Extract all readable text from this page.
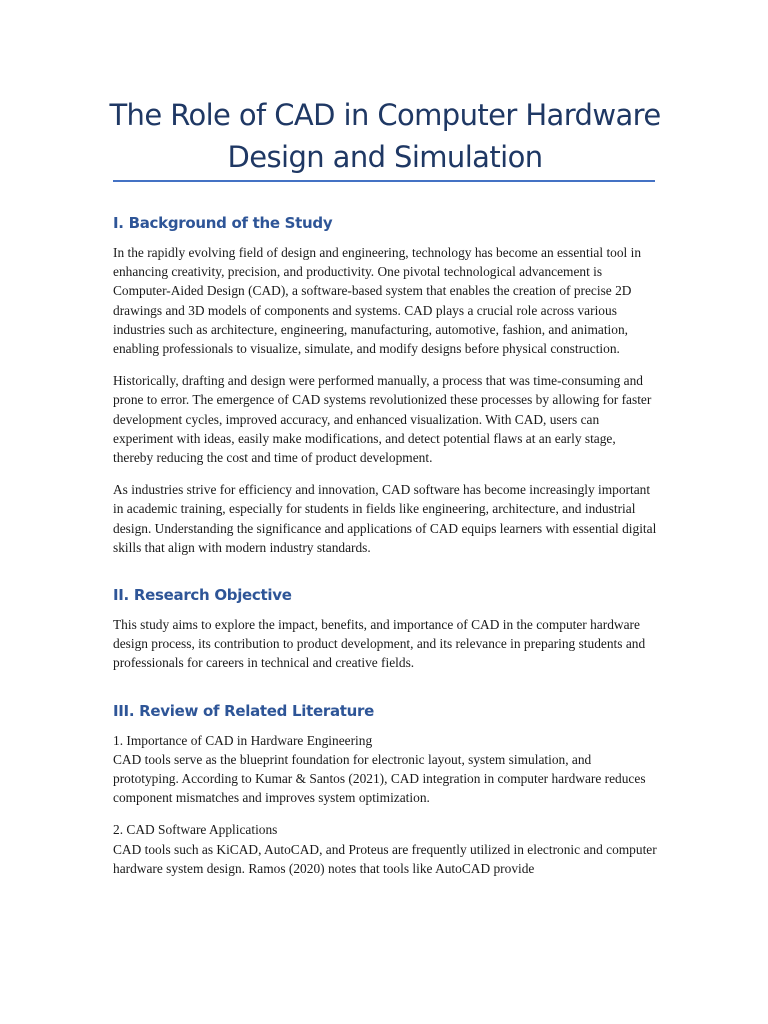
The Role of CAD in Computer Hardware Design and Simulation
I. Background of the Study

In the rapidly evolving field of design and engineering, technology has become an essential tool in enhancing creativity, precision, and productivity. One pivotal technological advancement is Computer-Aided Design (CAD), a software-based system that enables the creation of precise 2D drawings and 3D models of components and systems. CAD plays a crucial role across various industries such as architecture, engineering, manufacturing, automotive, fashion, and animation, enabling professionals to visualize, simulate, and modify designs before physical construction.

Historically, drafting and design were performed manually, a process that was time-consuming and prone to error. The emergence of CAD systems revolutionized these processes by allowing for faster development cycles, improved accuracy, and enhanced visualization. With CAD, users can experiment with ideas, easily make modifications, and detect potential flaws at an early stage, thereby reducing the cost and time of product development.

As industries strive for efficiency and innovation, CAD software has become increasingly important in academic training, especially for students in fields like engineering, architecture, and industrial design. Understanding the significance and applications of CAD equips learners with essential digital skills that align with modern industry standards.

II. Research Objective

This study aims to explore the impact, benefits, and importance of CAD in the computer hardware design process, its contribution to product development, and its relevance in preparing students and professionals for careers in technical and creative fields.

III. Review of Related Literature

1. Importance of CAD in Hardware Engineering

CAD tools serve as the blueprint foundation for electronic layout, system simulation, and prototyping. According to Kumar & Santos (2021), CAD integration in computer hardware reduces component mismatches and improves system optimization.

2. CAD Software Applications

CAD tools such as KiCAD, AutoCAD, and Proteus are frequently utilized in electronic and computer hardware system design. Ramos (2020) notes that tools like AutoCAD provide
